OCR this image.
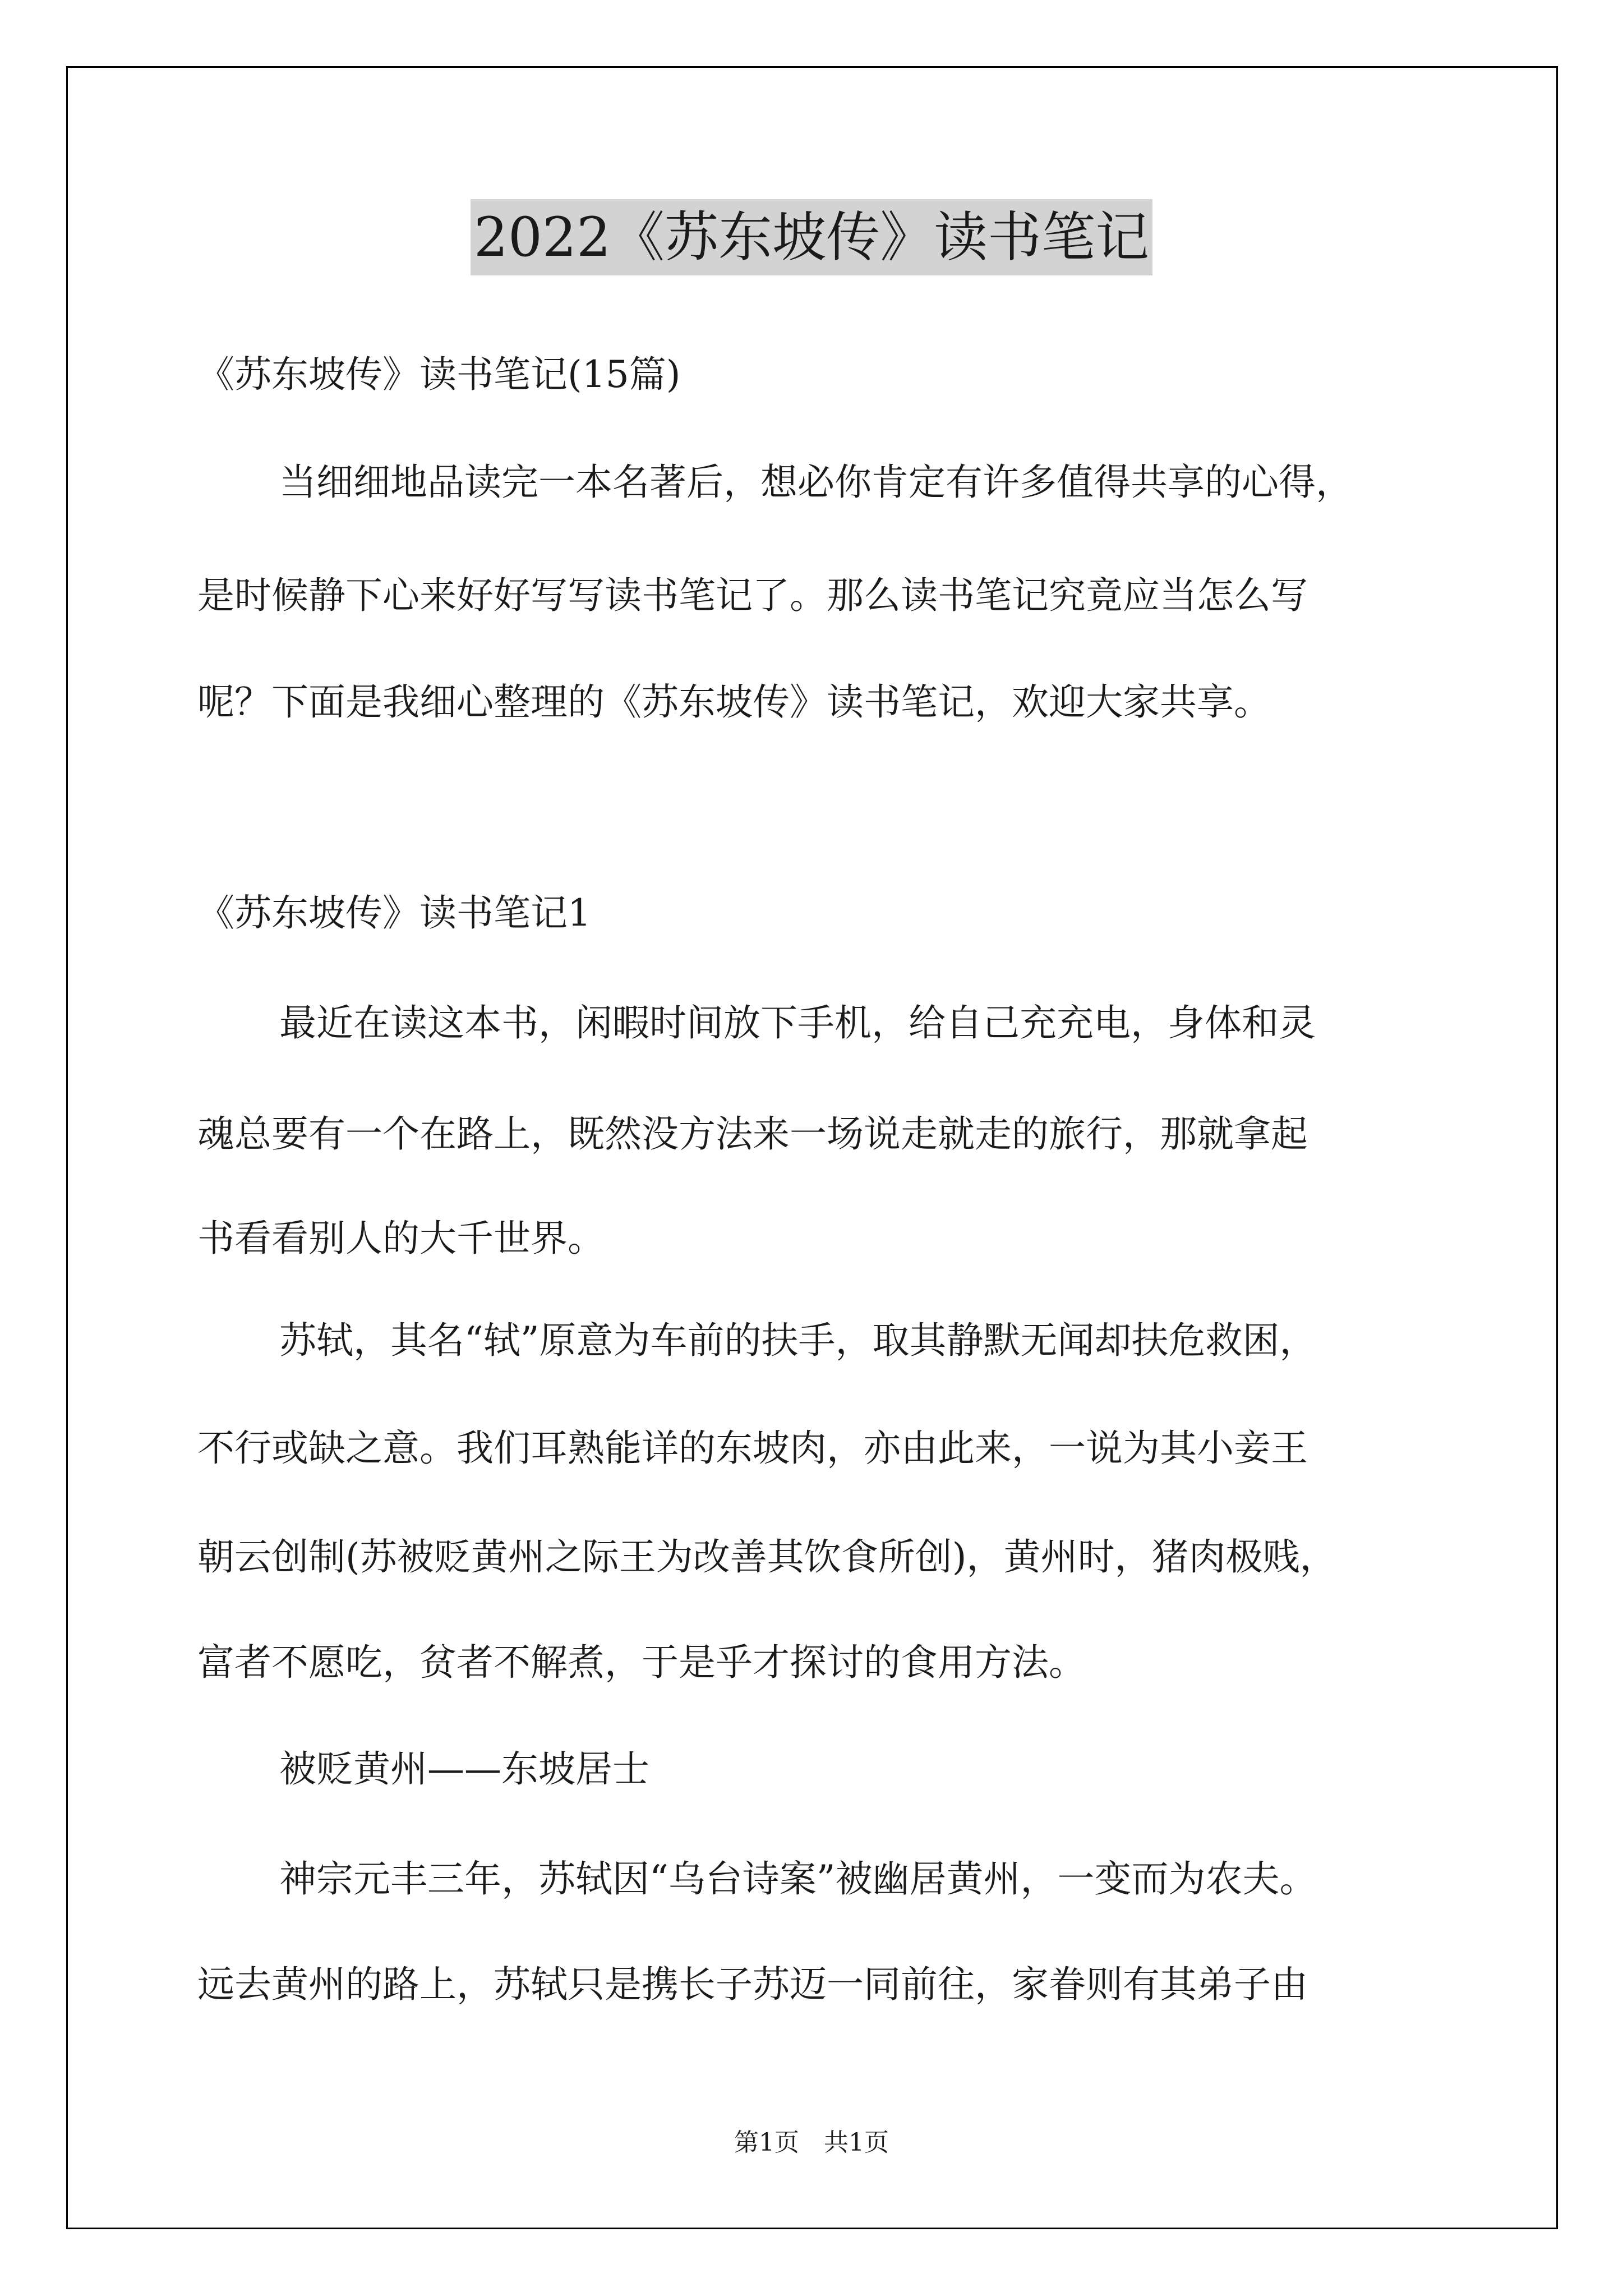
2022《苏东坡传》读书笔记
《苏东坡传》读书笔记(15篇)
当细细地品读完一本名著后，想必你肯定有许多值得共享的心得，
是时候静下心来好好写写读书笔记了。那么读书笔记究竟应当怎么写
呢？下面是我细心整理的《苏东坡传》读书笔记，欢迎大家共享。
《苏东坡传》读书笔记1
最近在读这本书，闲暇时间放下手机，给自己充充电，身体和灵
魂总要有一个在路上，既然没方法来一场说走就走的旅行，那就拿起
书看看别人的大千世界。
苏轼，其名“轼”原意为车前的扶手，取其静默无闻却扶危救困，
不行或缺之意。我们耳熟能详的东坡肉，亦由此来，一说为其小妾王
朝云创制(苏被贬黄州之际王为改善其饮食所创)，黄州时，猪肉极贱，
富者不愿吃，贫者不解煮，于是乎才探讨的食用方法。
被贬黄州——东坡居士
神宗元丰三年，苏轼因“乌台诗案”被幽居黄州，一变而为农夫。
远去黄州的路上，苏轼只是携长子苏迈一同前往，家眷则有其弟子由
第1页　共1页
